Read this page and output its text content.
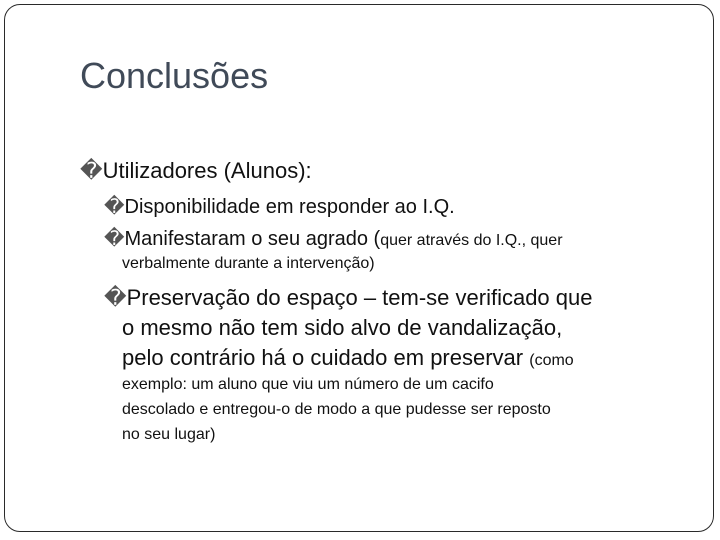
Conclusões
�Utilizadores (Alunos):
�Disponibilidade em responder ao I.Q.
�Manifestaram o seu agrado (quer através do I.Q., quer
verbalmente durante a intervenção)
�Preservação do espaço – tem-se verificado que
o mesmo não tem sido alvo de vandalização,
pelo contrário há o cuidado em preservar (como
exemplo: um aluno que viu um número de um cacifo
descolado e entregou-o de modo a que pudesse ser reposto
no seu lugar)
